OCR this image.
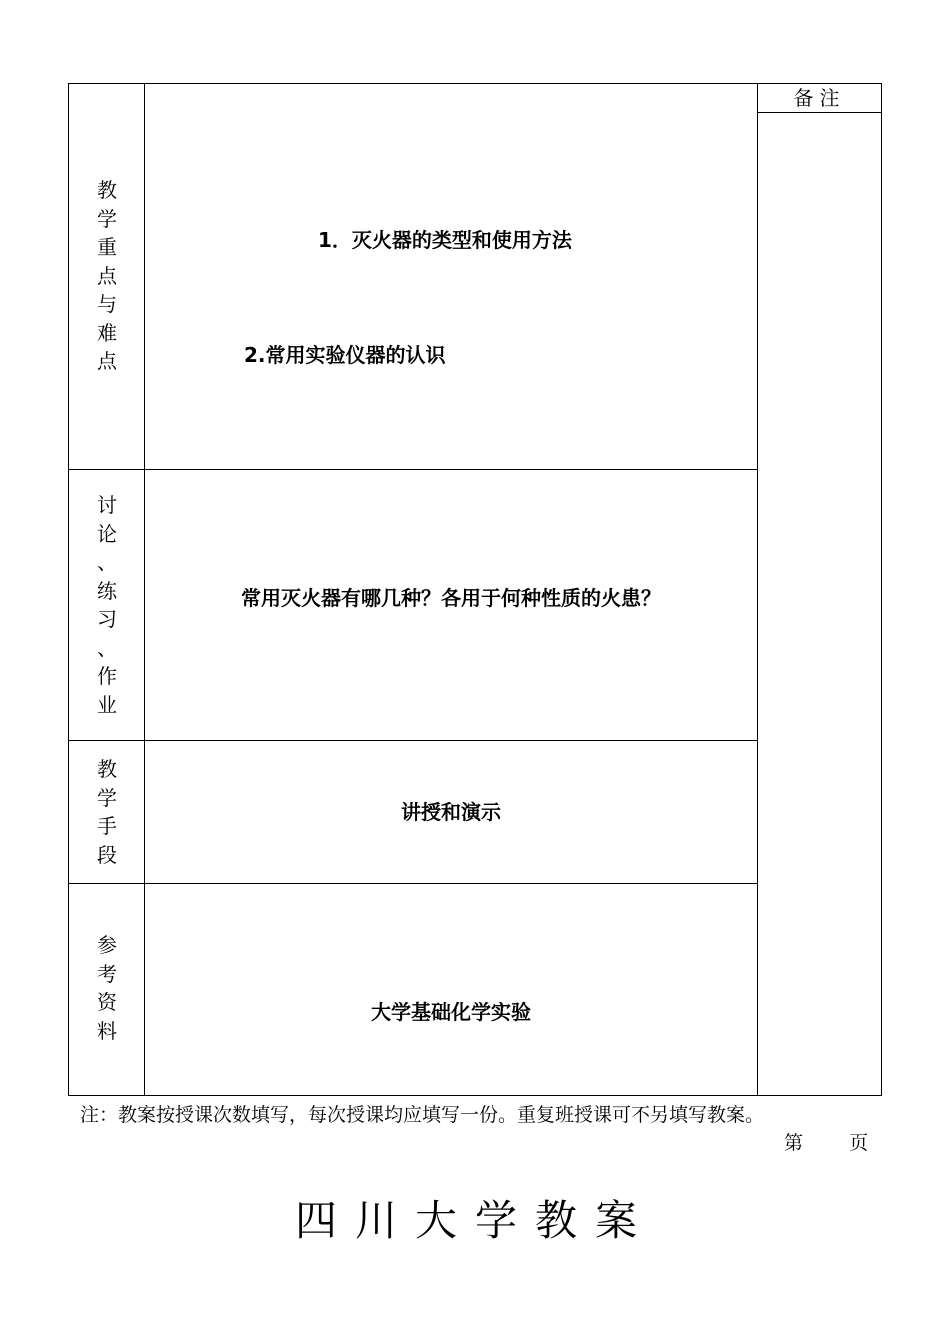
备注
教
学
重
点
与
难
点
1．灭火器的类型和使用方法
2.常用实验仪器的认识
讨
论
、
练
习
、
作
业
常用灭火器有哪几种？各用于何种性质的火患？
教
学
手
段
讲授和演示
参
考
资
料
大学基础化学实验
注：教案按授课次数填写，每次授课均应填写一份。重复班授课可不另填写教案。
第 页
四川大学教案
